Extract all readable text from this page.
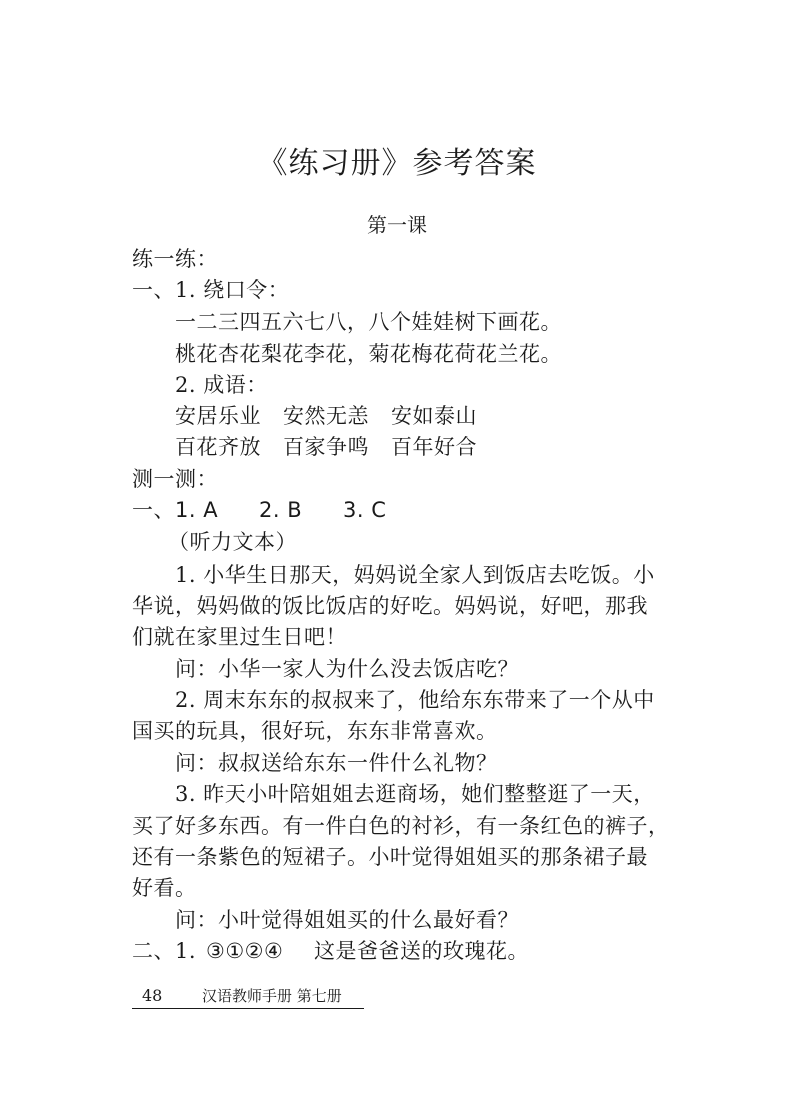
《练习册》参考答案
第一课
练一练：
一、1. 绕口令：
一二三四五六七八，八个娃娃树下画花。
桃花杏花梨花李花，菊花梅花荷花兰花。
2. 成语：
安居乐业 安然无恙 安如泰山
百花齐放 百家争鸣 百年好合
测一测：
一、1. A 2. B 3. C
（听力文本）
1. 小华生日那天，妈妈说全家人到饭店去吃饭。小
华说，妈妈做的饭比饭店的好吃。妈妈说，好吧，那我
们就在家里过生日吧！
问：小华一家人为什么没去饭店吃？
2. 周末东东的叔叔来了，他给东东带来了一个从中
国买的玩具，很好玩，东东非常喜欢。
问：叔叔送给东东一件什么礼物？
3. 昨天小叶陪姐姐去逛商场，她们整整逛了一天，
买了好多东西。有一件白色的衬衫，有一条红色的裤子，
还有一条紫色的短裙子。小叶觉得姐姐买的那条裙子最
好看。
问：小叶觉得姐姐买的什么最好看？
二、1. ③①②④ 这是爸爸送的玫瑰花。
48	汉语教师手册 第七册
